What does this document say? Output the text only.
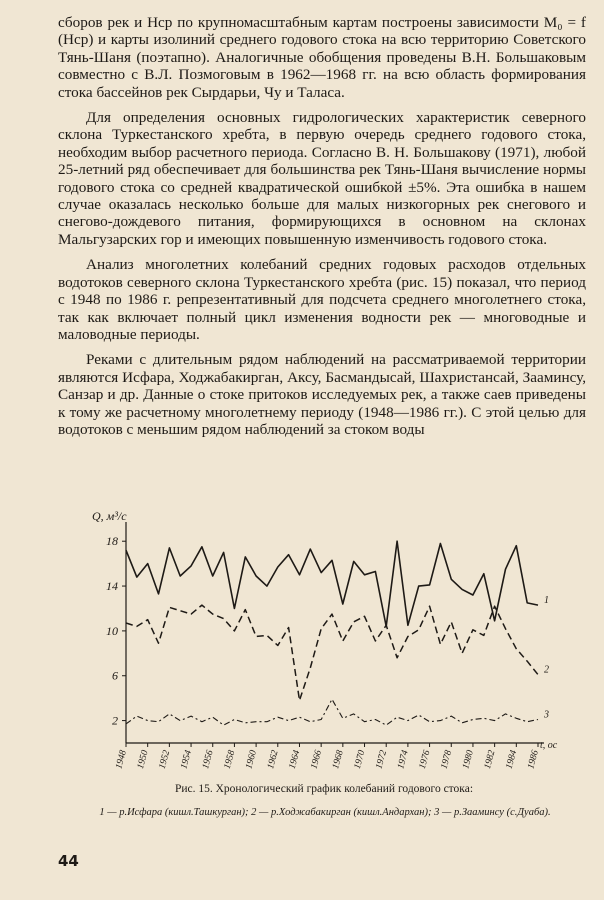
сборов рек и Hср по крупномасштабным картам построены зависимости M₀ = f (Hср) и карты изолиний среднего годового стока на всю территорию Советского Тянь-Шаня (поэтапно). Аналогичные обобщения проведены В.Н. Большаковым совместно с В.Л. Позмоговым в 1962—1968 гг. на всю область формирования стока бассейнов рек Сырдарьи, Чу и Таласа.

Для определения основных гидрологических характеристик северного склона Туркестанского хребта, в первую очередь среднего годового стока, необходим выбор расчетного периода. Согласно В. Н. Большакову (1971), любой 25-летний ряд обеспечивает для большинства рек Тянь-Шаня вычисление нормы годового стока со средней квадратической ошибкой ±5%. Эта ошибка в нашем случае оказалась несколько больше для малых низкогорных рек снегового и снегово-дождевого питания, формирующихся в основном на склонах Мальгузарских гор и имеющих повышенную изменчивость годового стока.

Анализ многолетних колебаний средних годовых расходов отдельных водотоков северного склона Туркестанского хребта (рис. 15) показал, что период с 1948 по 1986 г. репрезентативный для подсчета среднего многолетнего стока, так как включает полный цикл изменения водности рек — многоводные и маловодные периоды.

Реками с длительным рядом наблюдений на рассматриваемой территории являются Исфара, Ходжабакирган, Аксу, Басмандысай, Шахристансай, Зааминсу, Санзар и др. Данные о стоке притоков исследуемых рек, а также саев приведены к тому же расчетному многолетнему периоду (1948—1986 гг.). С этой целью для водотоков с меньшим рядом наблюдений за стоком воды

Q, м³/с
t, ос
2
6
10
14
18
1948 1950 1952 1954 1956 1958 1960 1962 1964 1966 1968 1970 1972 1974 1976 1978 1980 1982 1984 1986
1
2
3
Рис. 15. Хронологический график колебаний годового стока:
1 — р.Исфара (кишл.Ташкурган); 2 — р.Ходжабакирган (кишл.Андархан); 3 — р.Зааминсу (с.Дуаба).
44
